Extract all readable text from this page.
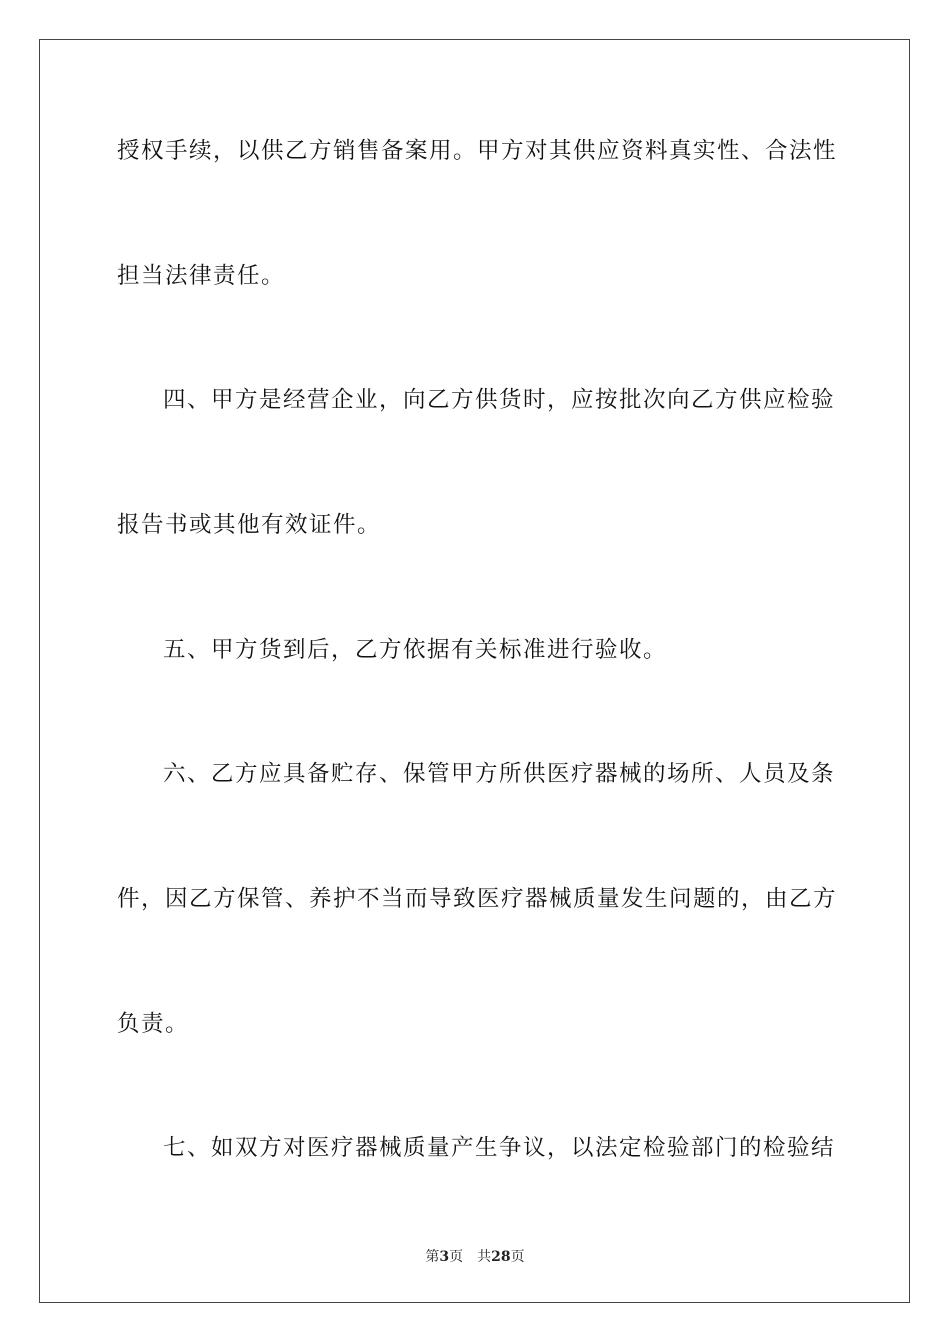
授权手续，以供乙方销售备案用。甲方对其供应资料真实性、合法性
担当法律责任。
四、甲方是经营企业，向乙方供货时，应按批次向乙方供应检验
报告书或其他有效证件。
五、甲方货到后，乙方依据有关标准进行验收。
六、乙方应具备贮存、保管甲方所供医疗器械的场所、人员及条
件，因乙方保管、养护不当而导致医疗器械质量发生问题的，由乙方
负责。
七、如双方对医疗器械质量产生争议，以法定检验部门的检验结
第3页 共28页
